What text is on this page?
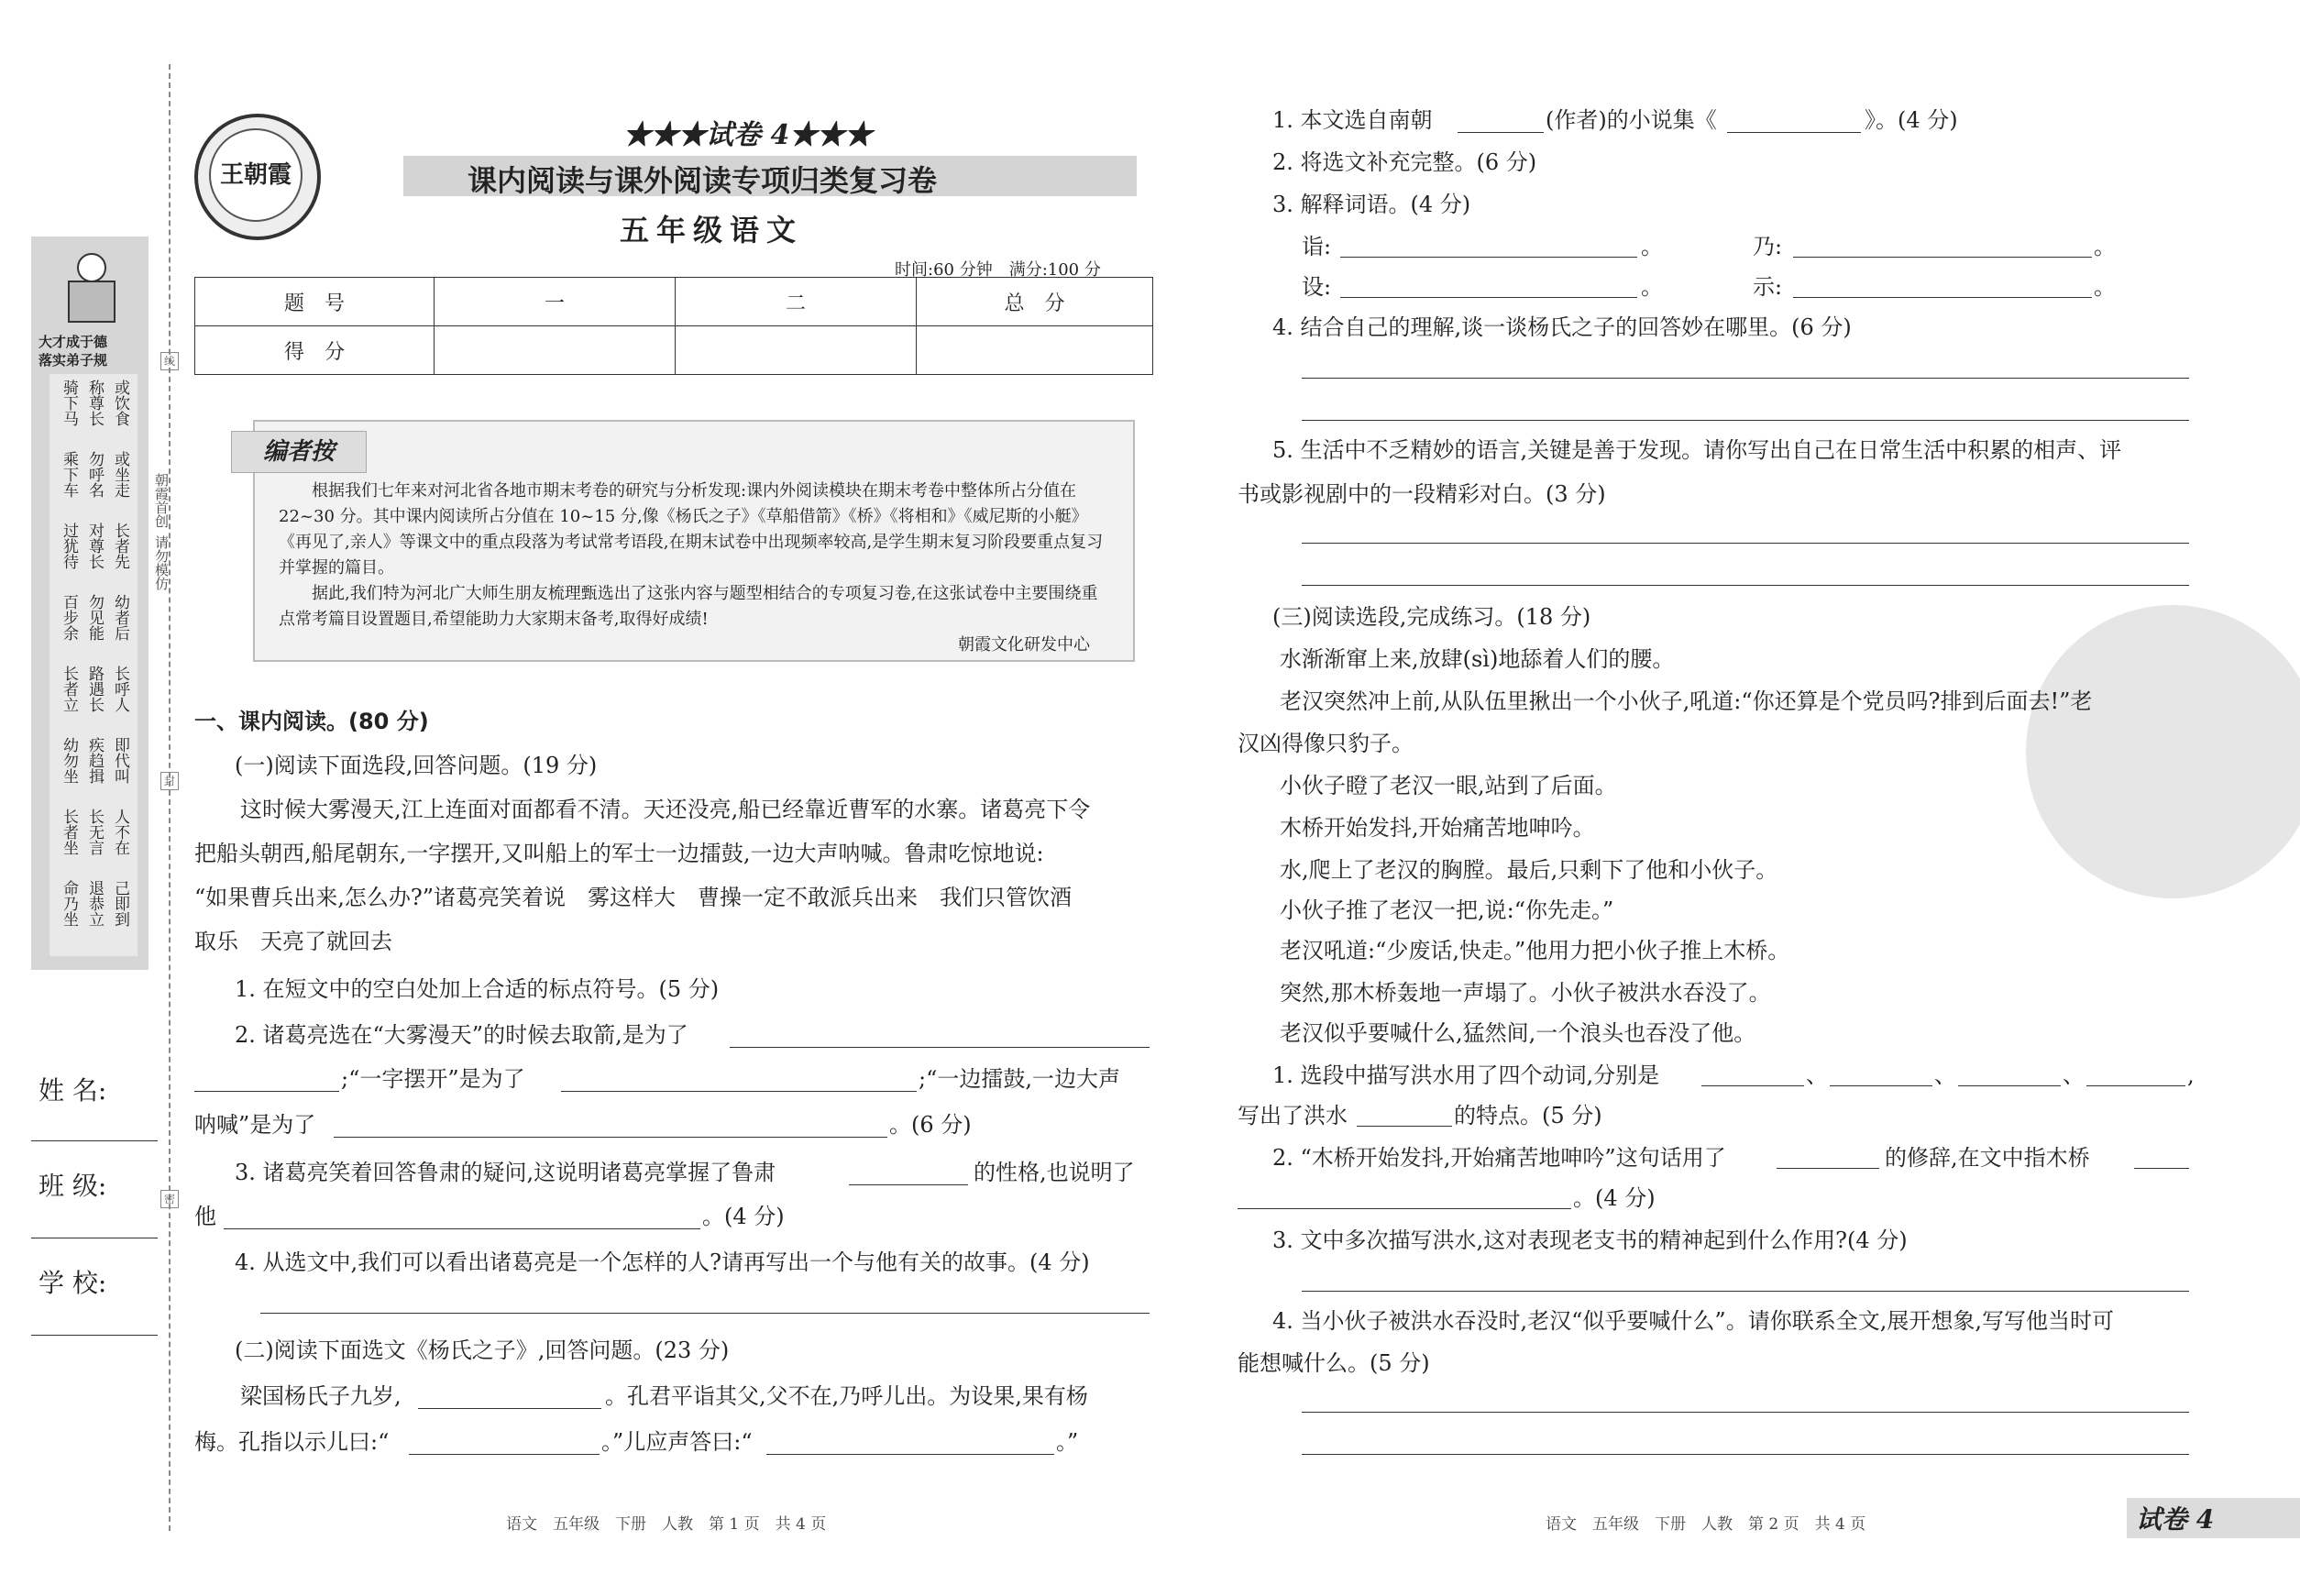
王朝霞
★★★试卷 4★★★
课内阅读与课外阅读专项归类复习卷
五年级语文
时间:60 分钟　满分:100 分
题　号	一	二	总　分
得　分			

根据我们七年来对河北省各地市期末考卷的研究与分析发现:课内外阅读模块在期末考卷中整体所占分值在 22~30 分。其中课内阅读所占分值在 10~15 分,像《杨氏之子》《草船借箭》《桥》《将相和》《威尼斯的小艇》《再见了,亲人》等课文中的重点段落为考试常考语段,在期末试卷中出现频率较高,是学生期末复习阶段要重点复习并掌握的篇目。

据此,我们特为河北广大师生朋友梳理甄选出了这张内容与题型相结合的专项复习卷,在这张试卷中主要围绕重点常考篇目设置题目,希望能助力大家期末备考,取得好成绩!

朝霞文化研发中心

编者按
一、课内阅读。(80 分)
(一)阅读下面选段,回答问题。(19 分)
这时候大雾漫天,江上连面对面都看不清。天还没亮,船已经靠近曹军的水寨。诸葛亮下令
把船头朝西,船尾朝东,一字摆开,又叫船上的军士一边擂鼓,一边大声呐喊。鲁肃吃惊地说:
“如果曹兵出来,怎么办?”诸葛亮笑着说　雾这样大　曹操一定不敢派兵出来　我们只管饮酒
取乐　天亮了就回去
1. 在短文中的空白处加上合适的标点符号。(5 分)
2. 诸葛亮选在“大雾漫天”的时候去取箭,是为了
;“一字摆开”是为了	;“一边擂鼓,一边大声
呐喊”是为了	。(6 分)
3. 诸葛亮笑着回答鲁肃的疑问,这说明诸葛亮掌握了鲁肃	的性格,也说明了
他	。(4 分)
4. 从选文中,我们可以看出诸葛亮是一个怎样的人?请再写出一个与他有关的故事。(4 分)
(二)阅读下面选文《杨氏之子》,回答问题。(23 分)
梁国杨氏子九岁,	。孔君平诣其父,父不在,乃呼儿出。为设果,果有杨
梅。孔指以示儿曰:“	。”儿应声答曰:“	。”
语文　五年级　下册　人教　第 1 页　共 4 页
线
封
密
朝霞首创
请勿模仿
大才成于德
落实弟子规
骑下马 称尊长 或饮食
乘下车 勿呼名 或坐走
过犹待 对尊长 长者先
百步余 勿见能 幼者后
长者立 路遇长 长呼人
幼勿坐 疾趋揖 即代叫
长者坐 长无言 人不在
命乃坐 退恭立 己即到
姓 名:
班 级:
学 校:
1. 本文选自南朝	(作者)的小说集《	》。(4 分)
2. 将选文补充完整。(6 分)
3. 解释词语。(4 分)
诣:	。	乃:	。
设:	。	示:	。
4. 结合自己的理解,谈一谈杨氏之子的回答妙在哪里。(6 分)
5. 生活中不乏精妙的语言,关键是善于发现。请你写出自己在日常生活中积累的相声、评
书或影视剧中的一段精彩对白。(3 分)
(三)阅读选段,完成练习。(18 分)
水渐渐窜上来,放肆(sì)地舔着人们的腰。
老汉突然冲上前,从队伍里揪出一个小伙子,吼道:“你还算是个党员吗?排到后面去!”老
汉凶得像只豹子。
小伙子瞪了老汉一眼,站到了后面。
木桥开始发抖,开始痛苦地呻吟。
水,爬上了老汉的胸膛。最后,只剩下了他和小伙子。
小伙子推了老汉一把,说:“你先走。”
老汉吼道:“少废话,快走。”他用力把小伙子推上木桥。
突然,那木桥轰地一声塌了。小伙子被洪水吞没了。
老汉似乎要喊什么,猛然间,一个浪头也吞没了他。
1. 选段中描写洪水用了四个动词,分别是	、	、	、	,
写出了洪水	的特点。(5 分)
2. “木桥开始发抖,开始痛苦地呻吟”这句话用了	的修辞,在文中指木桥
。(4 分)
3. 文中多次描写洪水,这对表现老支书的精神起到什么作用?(4 分)
4. 当小伙子被洪水吞没时,老汉“似乎要喊什么”。请你联系全文,展开想象,写写他当时可
能想喊什么。(5 分)
语文　五年级　下册　人教　第 2 页　共 4 页	试卷 4
